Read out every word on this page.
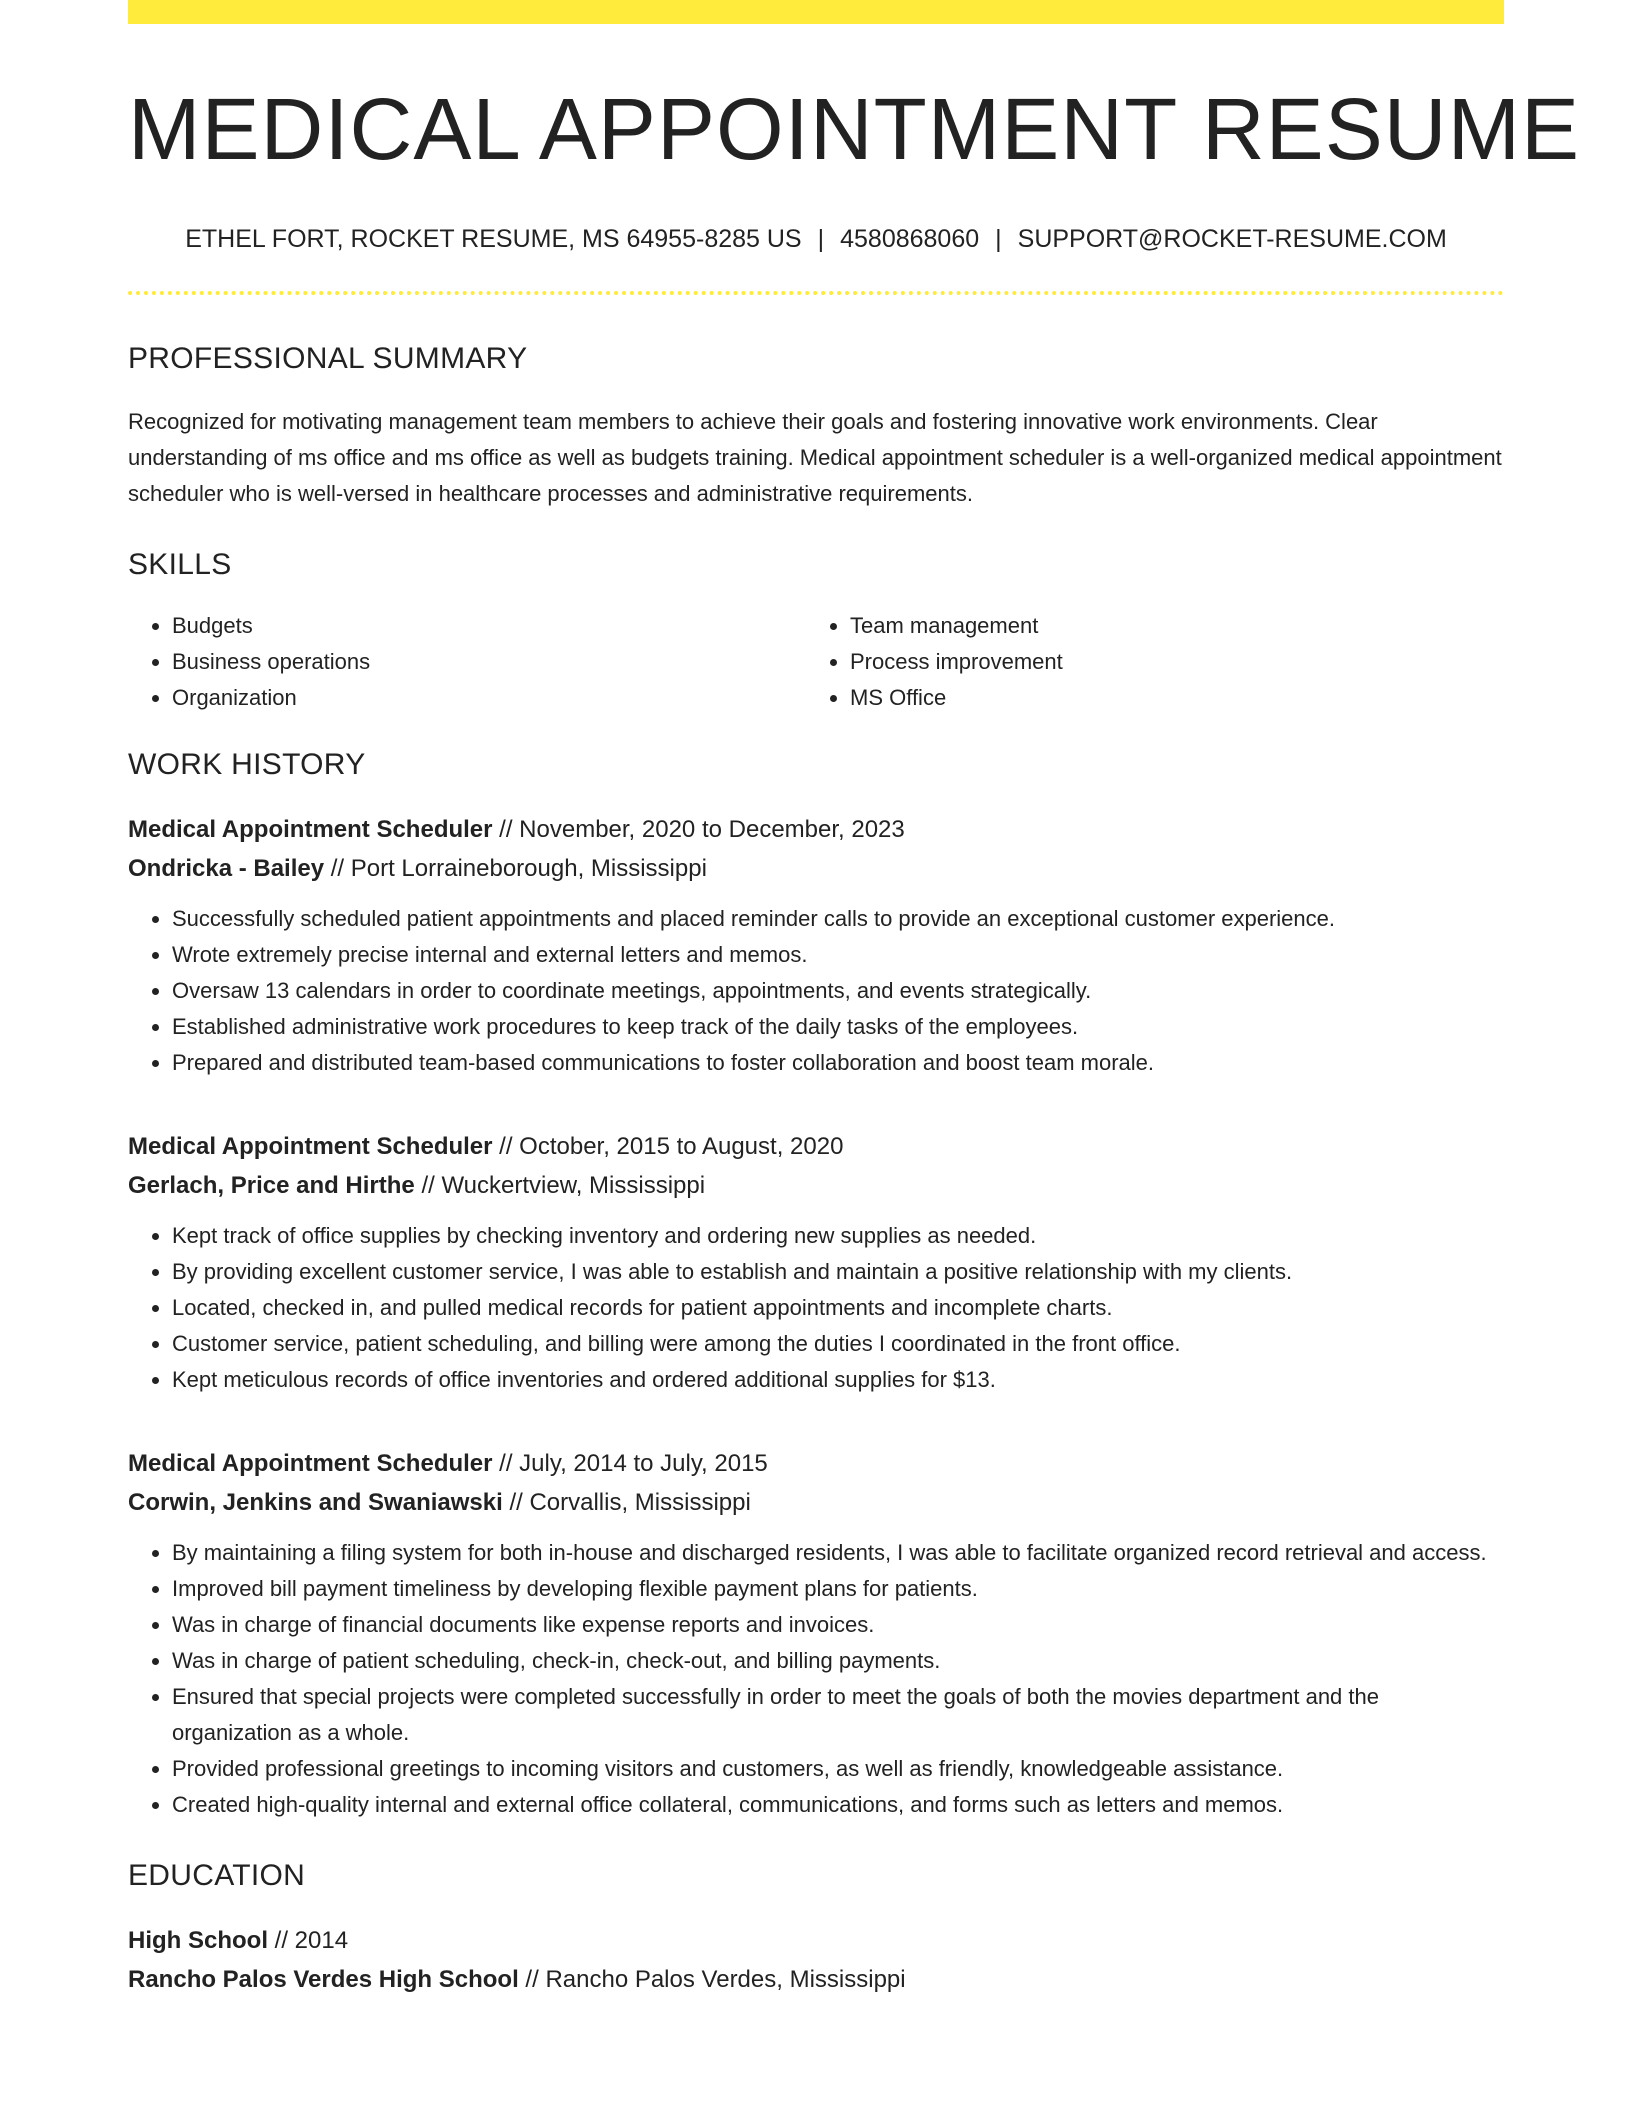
MEDICAL APPOINTMENT RESUME
ETHEL FORT, ROCKET RESUME, MS 64955-8285 US | 4580868060 | SUPPORT@ROCKET-RESUME.COM
PROFESSIONAL SUMMARY

Recognized for motivating management team members to achieve their goals and fostering innovative work environments. Clear understanding of ms office and ms office as well as budgets training. Medical appointment scheduler is a well-organized medical appointment scheduler who is well-versed in healthcare processes and administrative requirements.

SKILLS
• Budgets
• Business operations
• Organization
• Team management
• Process improvement
• MS Office
WORK HISTORY
Medical Appointment Scheduler // November, 2020 to December, 2023
Ondricka - Bailey // Port Lorraineborough, Mississippi
• Successfully scheduled patient appointments and placed reminder calls to provide an exceptional customer experience.
• Wrote extremely precise internal and external letters and memos.
• Oversaw 13 calendars in order to coordinate meetings, appointments, and events strategically.
• Established administrative work procedures to keep track of the daily tasks of the employees.
• Prepared and distributed team-based communications to foster collaboration and boost team morale.
Medical Appointment Scheduler // October, 2015 to August, 2020
Gerlach, Price and Hirthe // Wuckertview, Mississippi
• Kept track of office supplies by checking inventory and ordering new supplies as needed.
• By providing excellent customer service, I was able to establish and maintain a positive relationship with my clients.
• Located, checked in, and pulled medical records for patient appointments and incomplete charts.
• Customer service, patient scheduling, and billing were among the duties I coordinated in the front office.
• Kept meticulous records of office inventories and ordered additional supplies for $13.
Medical Appointment Scheduler // July, 2014 to July, 2015
Corwin, Jenkins and Swaniawski // Corvallis, Mississippi
• By maintaining a filing system for both in-house and discharged residents, I was able to facilitate organized record retrieval and access.
• Improved bill payment timeliness by developing flexible payment plans for patients.
• Was in charge of financial documents like expense reports and invoices.
• Was in charge of patient scheduling, check-in, check-out, and billing payments.
• Ensured that special projects were completed successfully in order to meet the goals of both the movies department and the organization as a whole.
• Provided professional greetings to incoming visitors and customers, as well as friendly, knowledgeable assistance.
• Created high-quality internal and external office collateral, communications, and forms such as letters and memos.
EDUCATION
High School // 2014
Rancho Palos Verdes High School // Rancho Palos Verdes, Mississippi
